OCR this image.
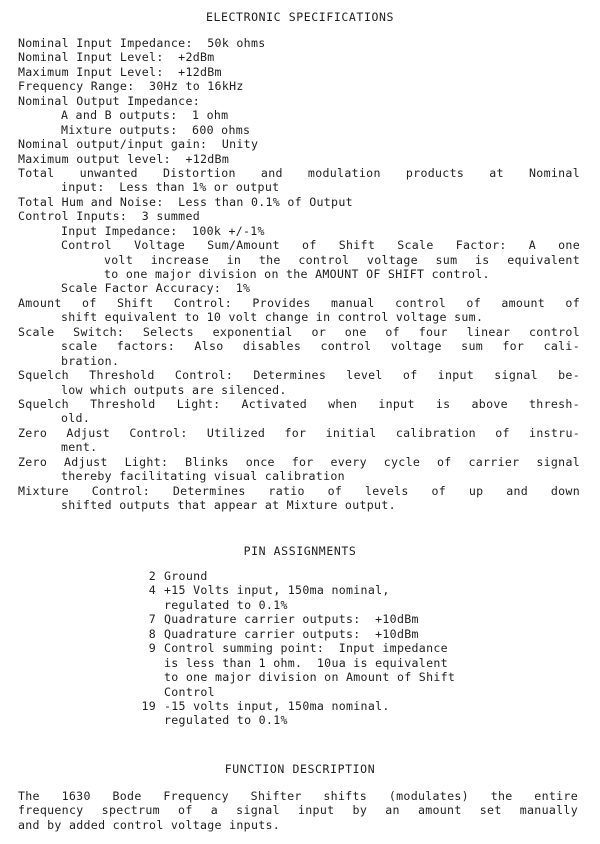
ELECTRONIC SPECIFICATIONS
Nominal Input Impedance:  50k ohms
Nominal Input Level:  +2dBm
Maximum Input Level:  +12dBm
Frequency Range:  30Hz to 16kHz
Nominal Output Impedance:
A and B outputs:  1 ohm
Mixture outputs:  600 ohms
Nominal output/input gain:  Unity
Maximum output level:  +12dBm
Total unwanted Distortion and modulation products at Nominal
input:  Less than 1% or output
Total Hum and Noise:  Less than 0.1% of Output
Control Inputs:  3 summed
Input Impedance:  100k +/-1%
Control Voltage Sum/Amount of Shift Scale Factor: A one
volt increase in the control voltage sum is equivalent
to one major division on the AMOUNT OF SHIFT control.
Scale Factor Accuracy:  1%
Amount of Shift Control: Provides manual control of amount of
shift equivalent to 10 volt change in control voltage sum.
Scale Switch: Selects exponential or one of four linear control
scale factors: Also disables control voltage sum for cali-
bration.
Squelch Threshold Control: Determines level of input signal be-
low which outputs are silenced.
Squelch Threshold Light: Activated when input is above thresh-
old.
Zero Adjust Control: Utilized for initial calibration of instru-
ment.
Zero Adjust Light: Blinks once for every cycle of carrier signal
thereby facilitating visual calibration
Mixture Control: Determines ratio of levels of up and down
shifted outputs that appear at Mixture output.
PIN ASSIGNMENTS
2 Ground
4 +15 Volts input, 150ma nominal,
regulated to 0.1%
7 Quadrature carrier outputs:  +10dBm
8 Quadrature carrier outputs:  +10dBm
9 Control summing point:  Input impedance
is less than 1 ohm.  10ua is equivalent
to one major division on Amount of Shift
Control
19 -15 volts input, 150ma nominal.
regulated to 0.1%
FUNCTION DESCRIPTION
The 1630 Bode Frequency Shifter shifts (modulates) the entire
frequency spectrum of a signal input by an amount set manually
and by added control voltage inputs.
